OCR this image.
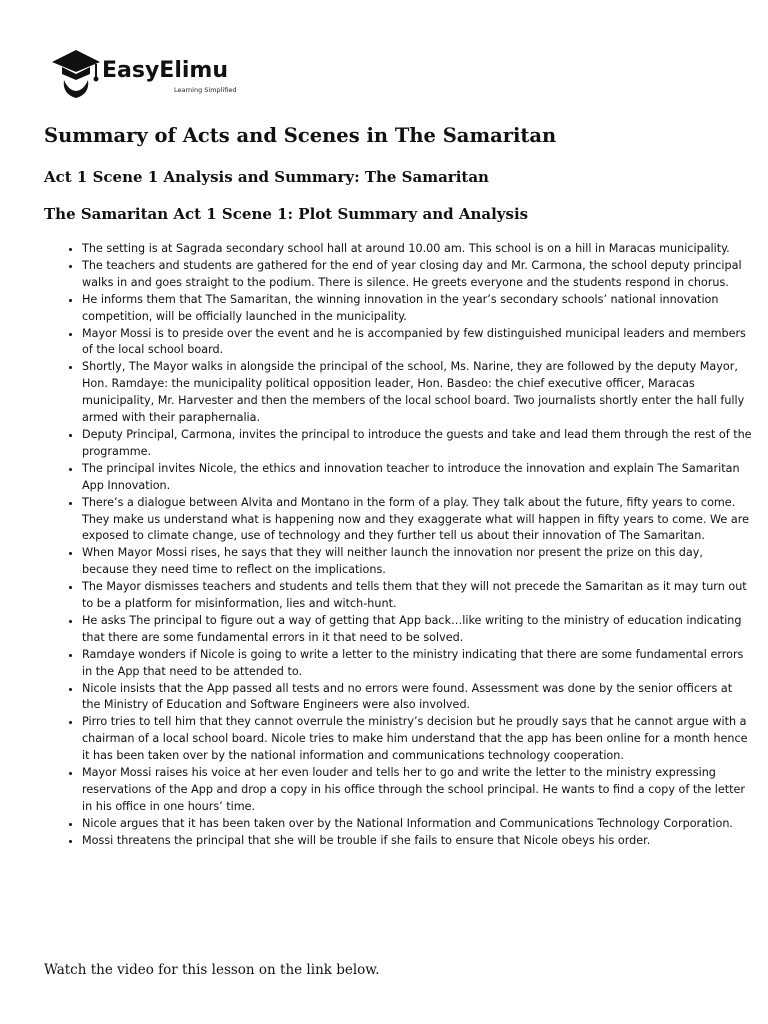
EasyElimu
Learning Simplified
Summary of Acts and Scenes in The Samaritan
Act 1 Scene 1 Analysis and Summary: The Samaritan
The Samaritan Act 1 Scene 1: Plot Summary and Analysis
• The setting is at Sagrada secondary school hall at around 10.00 am. This school is on a hill in Maracas municipality.
• The teachers and students are gathered for the end of year closing day and Mr. Carmona, the school deputy principal walks in and goes straight to the podium. There is silence. He greets everyone and the students respond in chorus.
• He informs them that The Samaritan, the winning innovation in the year’s secondary schools’ national innovation competition, will be officially launched in the municipality.
• Mayor Mossi is to preside over the event and he is accompanied by few distinguished municipal leaders and members of the local school board.
• Shortly, The Mayor walks in alongside the principal of the school, Ms. Narine, they are followed by the deputy Mayor, Hon. Ramdaye: the municipality political opposition leader, Hon. Basdeo: the chief executive officer, Maracas municipality, Mr. Harvester and then the members of the local school board. Two journalists shortly enter the hall fully armed with their paraphernalia.
• Deputy Principal, Carmona, invites the principal to introduce the guests and take and lead them through the rest of the programme.
• The principal invites Nicole, the ethics and innovation teacher to introduce the innovation and explain The Samaritan App Innovation.
• There’s a dialogue between Alvita and Montano in the form of a play. They talk about the future, fifty years to come. They make us understand what is happening now and they exaggerate what will happen in fifty years to come. We are exposed to climate change, use of technology and they further tell us about their innovation of The Samaritan.
• When Mayor Mossi rises, he says that they will neither launch the innovation nor present the prize on this day, because they need time to reflect on the implications.
• The Mayor dismisses teachers and students and tells them that they will not precede the Samaritan as it may turn out to be a platform for misinformation, lies and witch-hunt.
• He asks The principal to figure out a way of getting that App back…like writing to the ministry of education indicating that there are some fundamental errors in it that need to be solved.
• Ramdaye wonders if Nicole is going to write a letter to the ministry indicating that there are some fundamental errors in the App that need to be attended to.
• Nicole insists that the App passed all tests and no errors were found. Assessment was done by the senior officers at the Ministry of Education and Software Engineers were also involved.
• Pirro tries to tell him that they cannot overrule the ministry’s decision but he proudly says that he cannot argue with a chairman of a local school board. Nicole tries to make him understand that the app has been online for a month hence it has been taken over by the national information and communications technology cooperation.
• Mayor Mossi raises his voice at her even louder and tells her to go and write the letter to the ministry expressing reservations of the App and drop a copy in his office through the school principal. He wants to find a copy of the letter in his office in one hours’ time.
• Nicole argues that it has been taken over by the National Information and Communications Technology Corporation.
• Mossi threatens the principal that she will be trouble if she fails to ensure that Nicole obeys his order.

Watch the video for this lesson on the link below.
